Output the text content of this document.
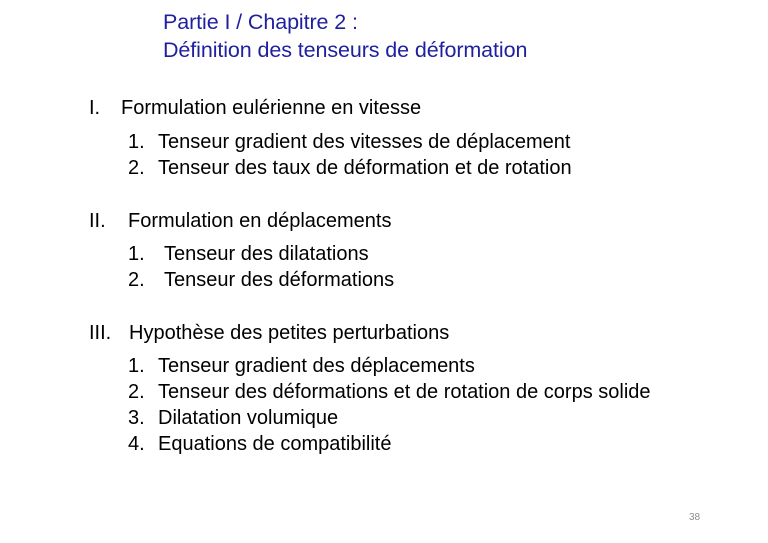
Partie I / Chapitre 2 :
Définition des tenseurs de déformation
I. Formulation eulérienne en vitesse
1. Tenseur gradient des vitesses de déplacement
2. Tenseur des taux de déformation et de rotation
II. Formulation en déplacements
1. Tenseur des dilatations
2. Tenseur des déformations
III. Hypothèse des petites perturbations
1. Tenseur gradient des déplacements
2. Tenseur des déformations et de rotation de corps solide
3. Dilatation volumique
4. Equations de compatibilité
38
